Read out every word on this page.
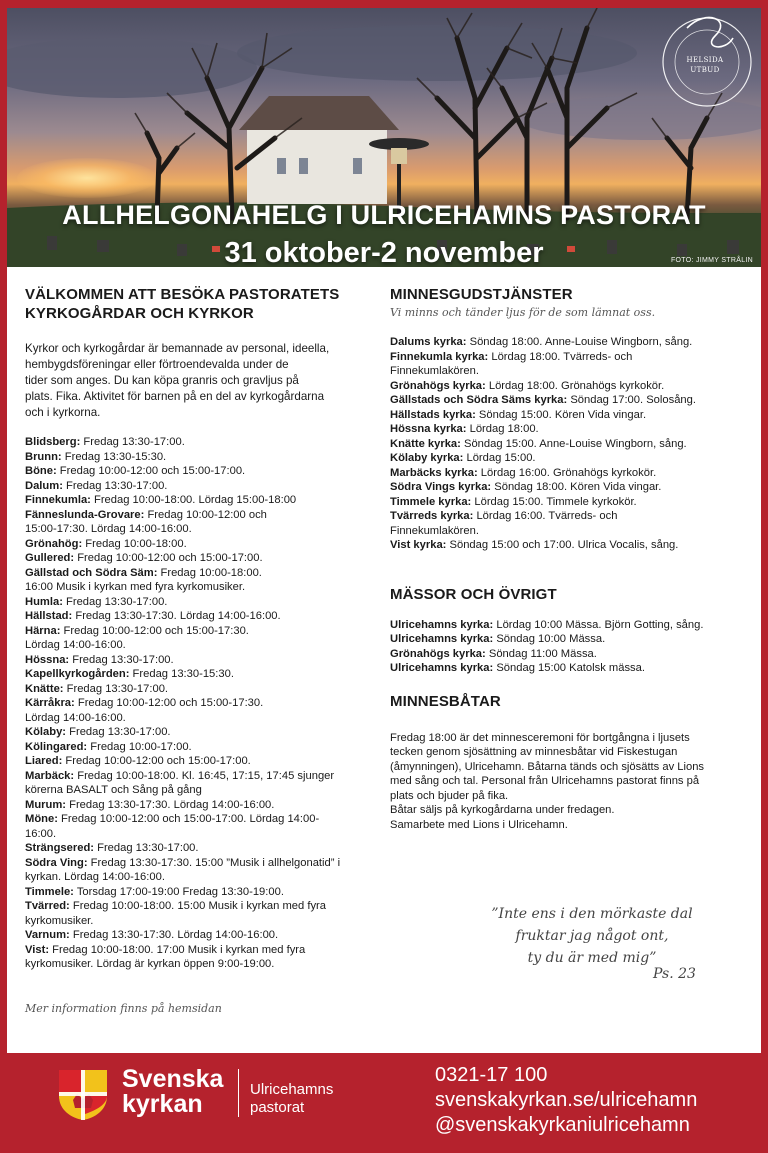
HELSIDA
UTBUD
ALLHELGONAHELG I ULRICEHAMNS PASTORAT
31 oktober-2 november	FOTO: JIMMY STRÅLIN
VÄLKOMMEN ATT BESÖKA PASTORATETS
KYRKOGÅRDAR OCH KYRKOR
Kyrkor och kyrkogårdar är bemannade av personal, ideella,
hembygdsföreningar eller förtroendevalda under de
tider som anges. Du kan köpa granris och gravljus på
plats. Fika. Aktivitet för barnen på en del av kyrkogårdarna
och i kyrkorna.
Blidsberg: Fredag 13:30-17:00.
Brunn: Fredag 13:30-15:30.
Böne: Fredag 10:00-12:00 och 15:00-17:00.
Dalum: Fredag 13:30-17:00.
Finnekumla: Fredag 10:00-18:00. Lördag 15:00-18:00
Fänneslunda-Grovare: Fredag 10:00-12:00 och
15:00-17:30. Lördag 14:00-16:00.
Grönahög: Fredag 10:00-18:00.
Gullered: Fredag 10:00-12:00 och 15:00-17:00.
Gällstad och Södra Säm: Fredag 10:00-18:00.
16:00 Musik i kyrkan med fyra kyrkomusiker.
Humla: Fredag 13:30-17:00.
Hällstad: Fredag 13:30-17:30. Lördag 14:00-16:00.
Härna: Fredag 10:00-12:00 och 15:00-17:30.
Lördag 14:00-16:00.
Hössna: Fredag 13:30-17:00.
Kapellkyrkogården: Fredag 13:30-15:30.
Knätte: Fredag 13:30-17:00.
Kärråkra: Fredag 10:00-12:00 och 15:00-17:30.
Lördag 14:00-16:00.
Kölaby: Fredag 13:30-17:00.
Kölingared: Fredag 10:00-17:00.
Liared: Fredag 10:00-12:00 och 15:00-17:00.
Marbäck: Fredag 10:00-18:00. Kl. 16:45, 17:15, 17:45 sjunger
körerna BASALT och Sång på gång
Murum: Fredag 13:30-17:30. Lördag 14:00-16:00.
Möne: Fredag 10:00-12:00 och 15:00-17:00. Lördag 14:00-
16:00.
Strängsered: Fredag 13:30-17:00.
Södra Ving: Fredag 13:30-17:30. 15:00 ”Musik i allhelgonatid” i
kyrkan. Lördag 14:00-16:00.
Timmele: Torsdag 17:00-19:00 Fredag 13:30-19:00.
Tvärred: Fredag 10:00-18:00. 15:00 Musik i kyrkan med fyra
kyrkomusiker.
Varnum: Fredag 13:30-17:30. Lördag 14:00-16:00.
Vist: Fredag 10:00-18:00. 17:00 Musik i kyrkan med fyra
kyrkomusiker. Lördag är kyrkan öppen 9:00-19:00.
Mer information finns på hemsidan
MINNESGUDSTJÄNSTER
Vi minns och tänder ljus för de som lämnat oss.
Dalums kyrka: Söndag 18:00. Anne-Louise Wingborn, sång.
Finnekumla kyrka: Lördag 18:00. Tvärreds- och
Finnekumlakören.
Grönahögs kyrka: Lördag 18:00. Grönahögs kyrkokör.
Gällstads och Södra Säms kyrka: Söndag 17:00. Solosång.
Hällstads kyrka: Söndag 15:00. Kören Vida vingar.
Hössna kyrka: Lördag 18:00.
Knätte kyrka: Söndag 15:00. Anne-Louise Wingborn, sång.
Kölaby kyrka: Lördag 15:00.
Marbäcks kyrka: Lördag 16:00. Grönahögs kyrkokör.
Södra Vings kyrka: Söndag 18:00. Kören Vida vingar.
Timmele kyrka: Lördag 15:00. Timmele kyrkokör.
Tvärreds kyrka: Lördag 16:00. Tvärreds- och
Finnekumlakören.
Vist kyrka: Söndag 15:00 och 17:00. Ulrica Vocalis, sång.
MÄSSOR OCH ÖVRIGT
Ulricehamns kyrka: Lördag 10:00 Mässa. Björn Gotting, sång.
Ulricehamns kyrka: Söndag 10:00 Mässa.
Grönahögs kyrka: Söndag 11:00 Mässa.
Ulricehamns kyrka: Söndag 15:00 Katolsk mässa.
MINNESBÅTAR
Fredag 18:00 är det minnesceremoni för bortgångna i ljusets
tecken genom sjösättning av minnesbåtar vid Fiskestugan
(åmynningen), Ulricehamn. Båtarna tänds och sjösätts av Lions
med sång och tal. Personal från Ulricehamns pastorat finns på
plats och bjuder på fika.
Båtar säljs på kyrkogårdarna under fredagen.
Samarbete med Lions i Ulricehamn.
”Inte ens i den mörkaste dal
fruktar jag något ont,
ty du är med mig”
Ps. 23
Svenska
kyrkan
Ulricehamns
pastorat
0321-17 100
svenskakyrkan.se/ulricehamn
@svenskakyrkaniulricehamn
